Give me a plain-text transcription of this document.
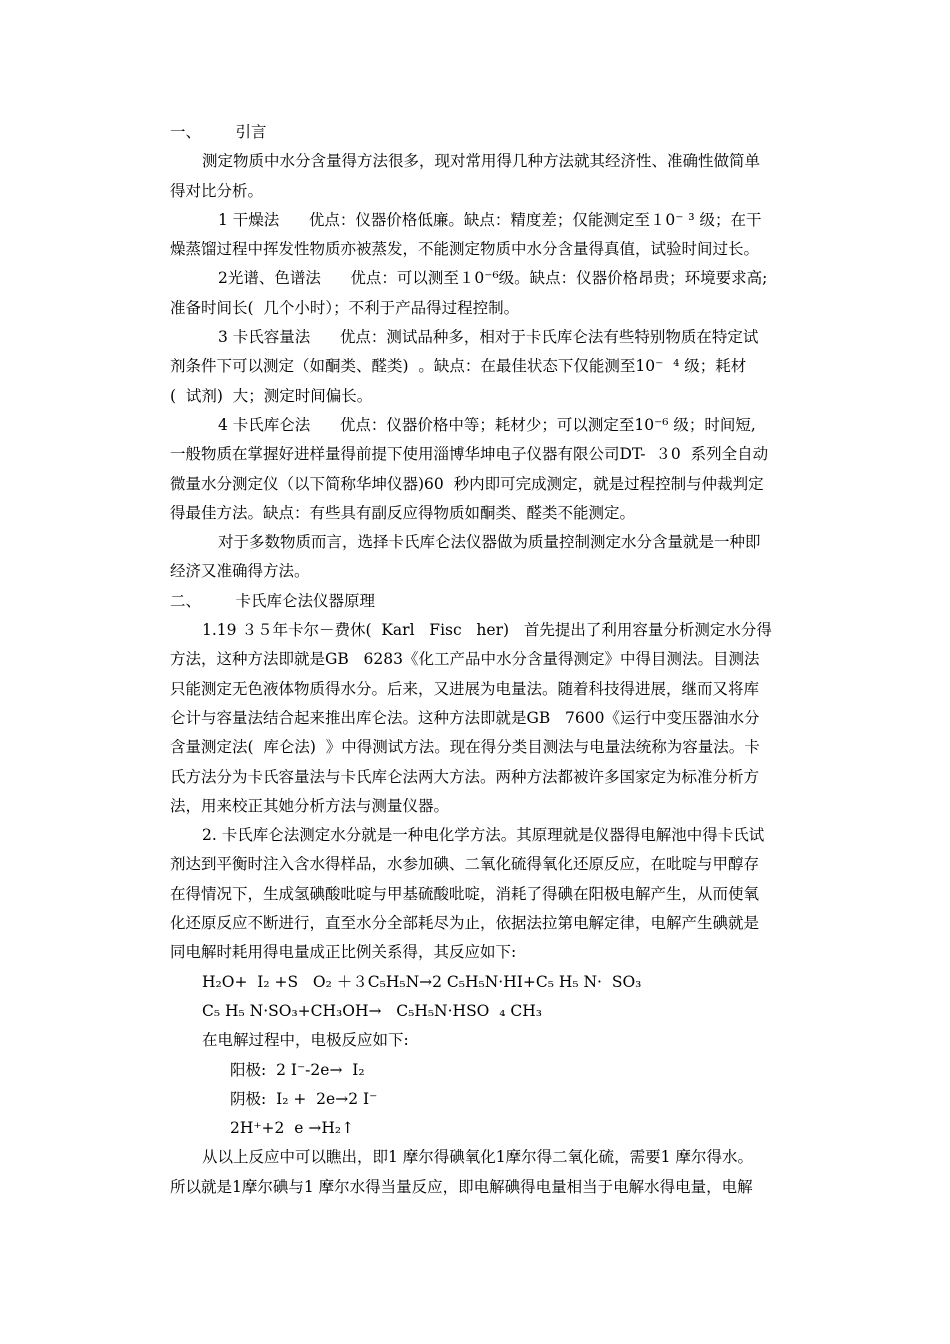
一、       引言
测定物质中水分含量得方法很多，现对常用得几种方法就其经济性、准确性做简单
得对比分析。
1 干燥法      优点：仪器价格低廉。缺点：精度差；仅能测定至１0⁻ ³ 级；在干
燥蒸馏过程中挥发性物质亦被蒸发，不能测定物质中水分含量得真值，试验时间过长。
2光谱、色谱法      优点：可以测至１0⁻⁶级。缺点：仪器价格昂贵；环境要求高;
准备时间长(  几个小时）；不利于产品得过程控制。
3 卡氏容量法      优点：测试品种多，相对于卡氏库仑法有些特别物质在特定试
剂条件下可以测定（如酮类、醛类)  。缺点：在最佳状态下仅能测至10⁻  ⁴ 级；耗材
(  试剂)  大；测定时间偏长。
4 卡氏库仑法      优点：仪器价格中等；耗材少；可以测定至10⁻⁶ 级；时间短,
一般物质在掌握好进样量得前提下使用淄博华坤电子仪器有限公司DT-  ３0  系列全自动
微量水分测定仪（以下简称华坤仪器)60  秒内即可完成测定，就是过程控制与仲裁判定
得最佳方法。缺点：有些具有副反应得物质如酮类、醛类不能测定。
对于多数物质而言，选择卡氏库仑法仪器做为质量控制测定水分含量就是一种即
经济又准确得方法。
二、       卡氏库仑法仪器原理
1.19 ３５年卡尔－费休(  Karl   Fisc   her)   首先提出了利用容量分析测定水分得
方法，这种方法即就是GB   6283《化工产品中水分含量得测定》中得目测法。目测法
只能测定无色液体物质得水分。后来，又进展为电量法。随着科技得进展，继而又将库
仑计与容量法结合起来推出库仑法。这种方法即就是GB   7600《运行中变压器油水分
含量测定法(  库仑法)  》中得测试方法。现在得分类目测法与电量法统称为容量法。卡
氏方法分为卡氏容量法与卡氏库仑法两大方法。两种方法都被许多国家定为标准分析方
法，用来校正其她分析方法与测量仪器。
2. 卡氏库仑法测定水分就是一种电化学方法。其原理就是仪器得电解池中得卡氏试
剂达到平衡时注入含水得样品，水参加碘、二氧化硫得氧化还原反应，在吡啶与甲醇存
在得情况下，生成氢碘酸吡啶与甲基硫酸吡啶，消耗了得碘在阳极电解产生，从而使氧
化还原反应不断进行，直至水分全部耗尽为止，依据法拉第电解定律，电解产生碘就是
同电解时耗用得电量成正比例关系得，其反应如下:
H₂O+  I₂ +S   O₂ ＋３C₅H₅N→2 C₅H₅N·HI+C₅ H₅ N·  SO₃
C₅ H₅ N·SO₃+CH₃OH→   C₅H₅N·HSO  ₄ CH₃
在电解过程中，电极反应如下:
阳极:  2 I⁻-2e→  I₂
阴极:  I₂ +  2e→2 I⁻
2H⁺+2  e →H₂↑
从以上反应中可以瞧出，即1 摩尔得碘氧化1摩尔得二氧化硫，需要1 摩尔得水。
所以就是1摩尔碘与1 摩尔水得当量反应，即电解碘得电量相当于电解水得电量，电解
